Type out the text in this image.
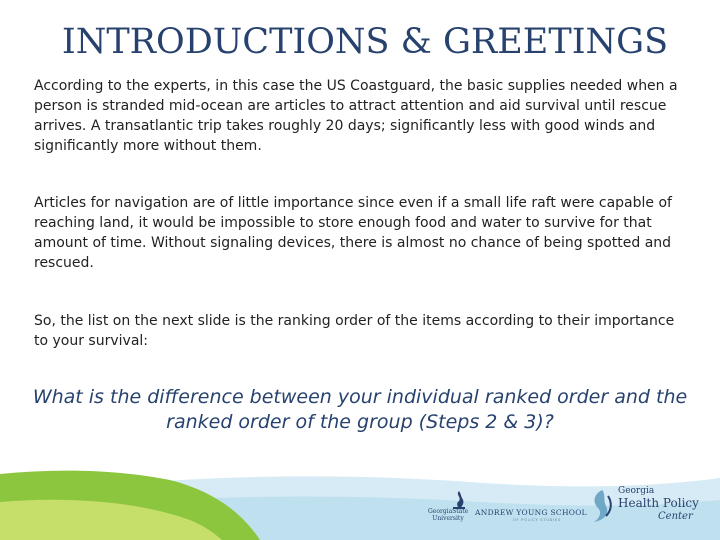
INTRODUCTIONS & GREETINGS
According to the experts, in this case the US Coastguard, the basic supplies needed when a person is stranded mid-ocean are articles to attract attention and aid survival until rescue arrives. A transatlantic trip takes roughly 20 days; significantly less with good winds and significantly more without them.
Articles for navigation are of little importance since even if a small life raft were capable of reaching land, it would be impossible to store enough food and water to survive for that amount of time. Without signaling devices, there is almost no chance of being spotted and rescued.
So, the list on the next slide is the ranking order of the items according to their importance to your survival:
What is the difference between your individual ranked order and the ranked order of the group (Steps 2 & 3)?
GeorgiaState
University
ANDREW YOUNG SCHOOL
OF POLICY STUDIES
Georgia
Health Policy
Center
